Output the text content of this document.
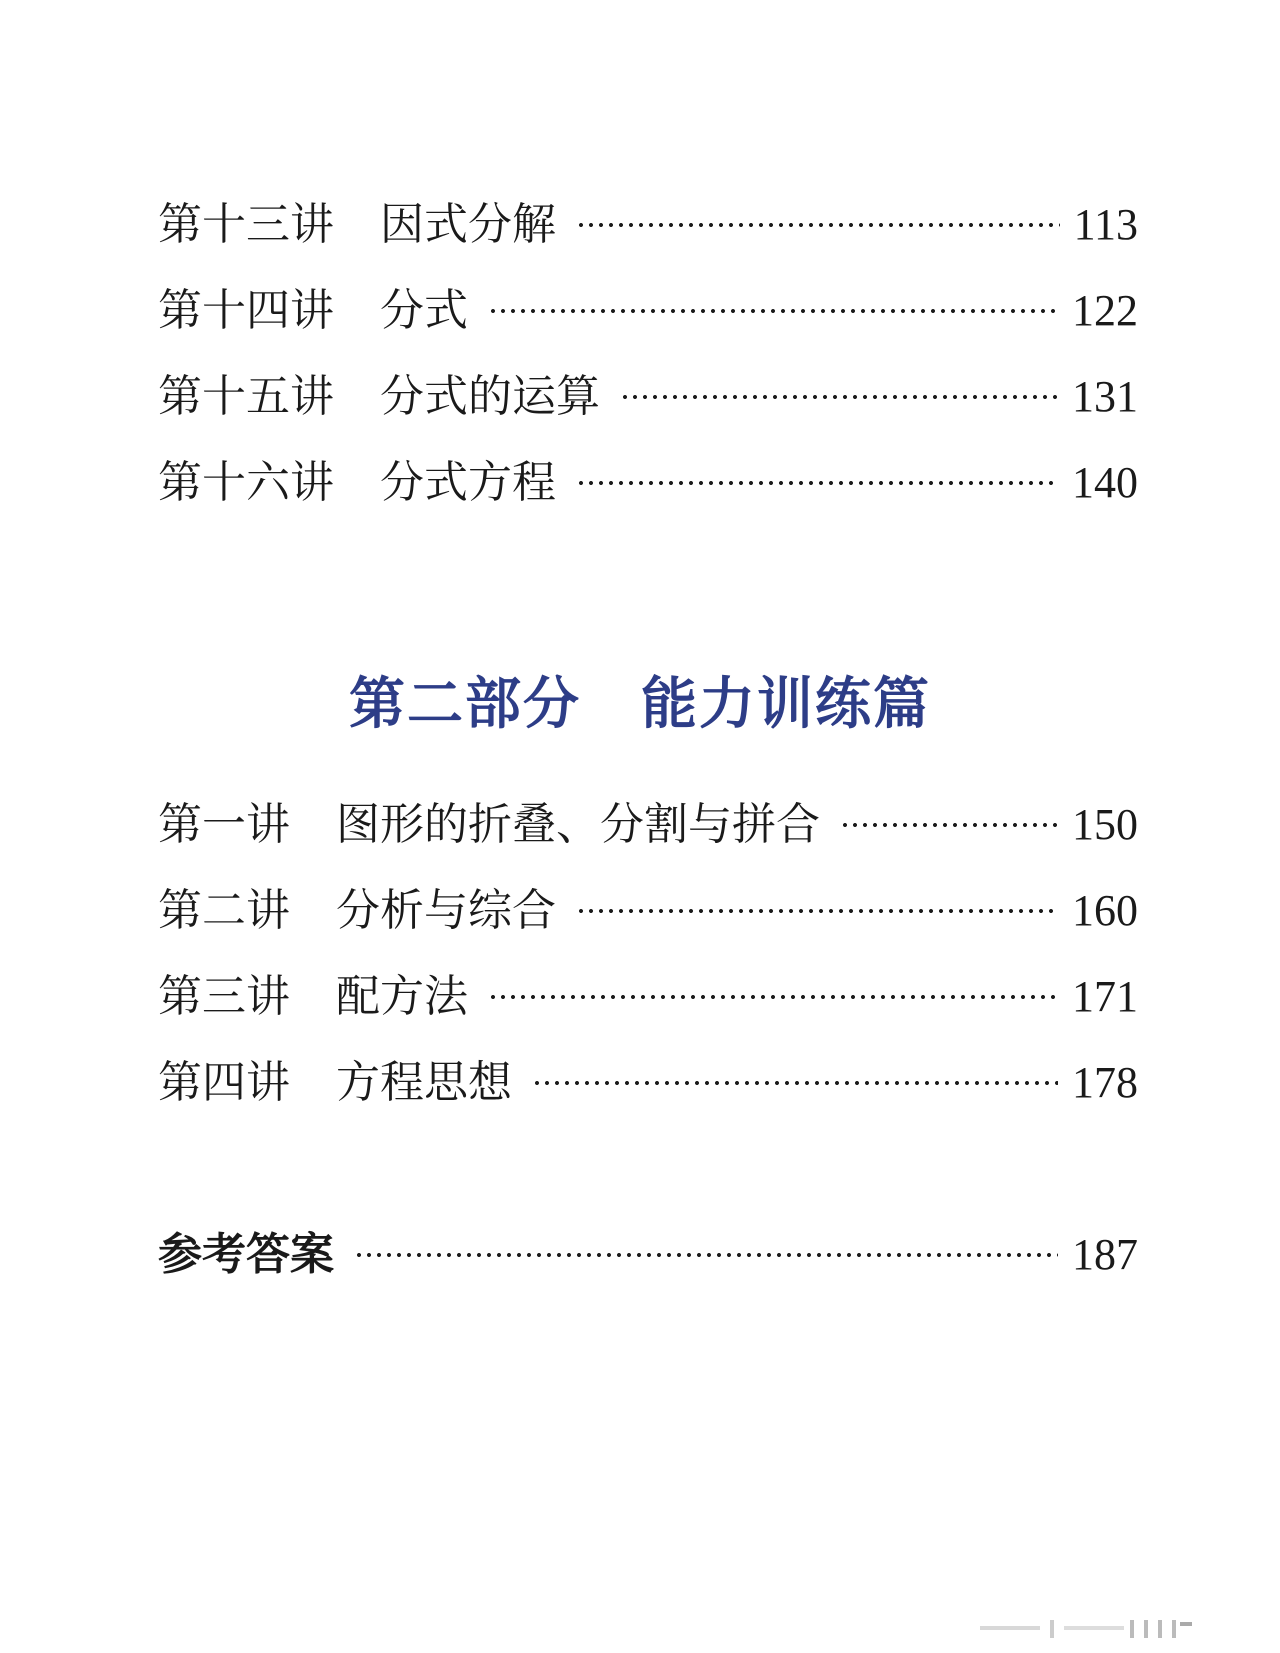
第十三讲 因式分解	113
第十四讲 分式	122
第十五讲 分式的运算	131
第十六讲 分式方程	140
第二部分 能力训练篇
第一讲 图形的折叠、分割与拼合	150
第二讲 分析与综合	160
第三讲 配方法	171
第四讲 方程思想	178
参考答案	187
